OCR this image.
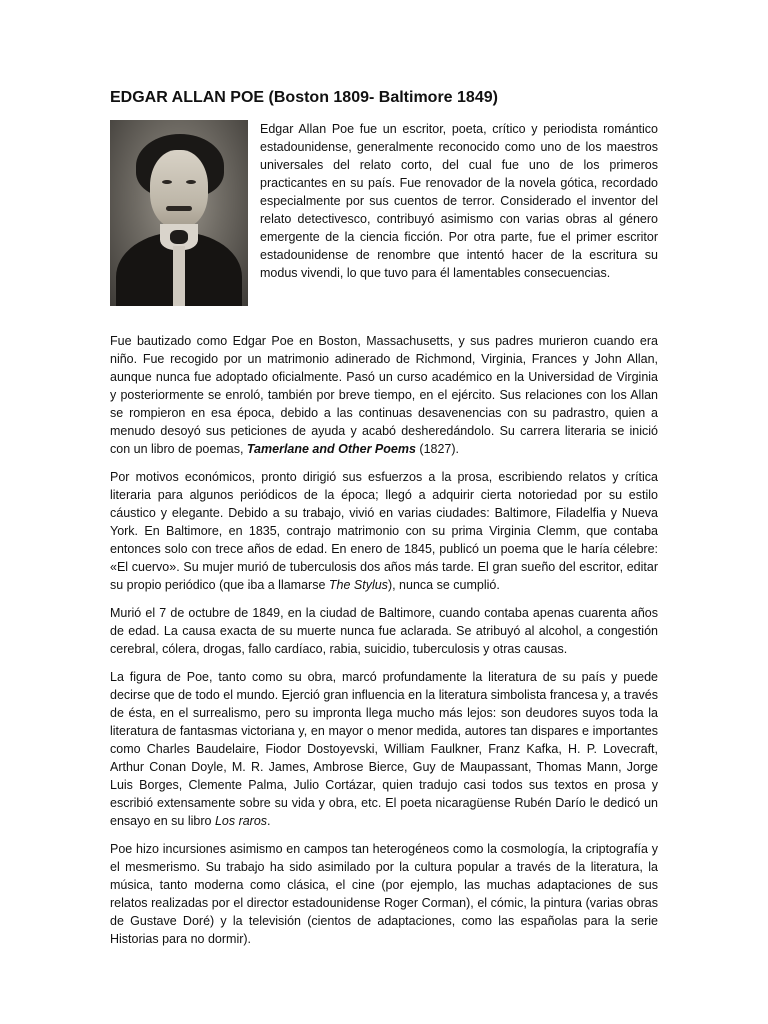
EDGAR ALLAN POE (Boston 1809- Baltimore 1849)

Edgar Allan Poe fue un escritor, poeta, crítico y periodista romántico estadounidense, generalmente reconocido como uno de los maestros universales del relato corto, del cual fue uno de los primeros practicantes en su país. Fue renovador de la novela gótica, recordado especialmente por sus cuentos de terror. Considerado el inventor del relato detectivesco, contribuyó asimismo con varias obras al género emergente de la ciencia ficción. Por otra parte, fue el primer escritor estadounidense de renombre que intentó hacer de la escritura su modus vivendi, lo que tuvo para él lamentables consecuencias.

Fue bautizado como Edgar Poe en Boston, Massachusetts, y sus padres murieron cuando era niño. Fue recogido por un matrimonio adinerado de Richmond, Virginia, Frances y John Allan, aunque nunca fue adoptado oficialmente. Pasó un curso académico en la Universidad de Virginia y posteriormente se enroló, también por breve tiempo, en el ejército. Sus relaciones con los Allan se rompieron en esa época, debido a las continuas desavenencias con su padrastro, quien a menudo desoyó sus peticiones de ayuda y acabó desheredándolo. Su carrera literaria se inició con un libro de poemas, Tamerlane and Other Poems (1827).

Por motivos económicos, pronto dirigió sus esfuerzos a la prosa, escribiendo relatos y crítica literaria para algunos periódicos de la época; llegó a adquirir cierta notoriedad por su estilo cáustico y elegante. Debido a su trabajo, vivió en varias ciudades: Baltimore, Filadelfia y Nueva York. En Baltimore, en 1835, contrajo matrimonio con su prima Virginia Clemm, que contaba entonces solo con trece años de edad. En enero de 1845, publicó un poema que le haría célebre: «El cuervo». Su mujer murió de tuberculosis dos años más tarde. El gran sueño del escritor, editar su propio periódico (que iba a llamarse The Stylus), nunca se cumplió.

Murió el 7 de octubre de 1849, en la ciudad de Baltimore, cuando contaba apenas cuarenta años de edad. La causa exacta de su muerte nunca fue aclarada. Se atribuyó al alcohol, a congestión cerebral, cólera, drogas, fallo cardíaco, rabia, suicidio, tuberculosis y otras causas.

La figura de Poe, tanto como su obra, marcó profundamente la literatura de su país y puede decirse que de todo el mundo. Ejerció gran influencia en la literatura simbolista francesa y, a través de ésta, en el surrealismo, pero su impronta llega mucho más lejos: son deudores suyos toda la literatura de fantasmas victoriana y, en mayor o menor medida, autores tan dispares e importantes como Charles Baudelaire, Fiodor Dostoyevski, William Faulkner, Franz Kafka, H. P. Lovecraft, Arthur Conan Doyle, M. R. James, Ambrose Bierce, Guy de Maupassant, Thomas Mann, Jorge Luis Borges, Clemente Palma, Julio Cortázar, quien tradujo casi todos sus textos en prosa y escribió extensamente sobre su vida y obra, etc. El poeta nicaragüense Rubén Darío le dedicó un ensayo en su libro Los raros.

Poe hizo incursiones asimismo en campos tan heterogéneos como la cosmología, la criptografía y el mesmerismo. Su trabajo ha sido asimilado por la cultura popular a través de la literatura, la música, tanto moderna como clásica, el cine (por ejemplo, las muchas adaptaciones de sus relatos realizadas por el director estadounidense Roger Corman), el cómic, la pintura (varias obras de Gustave Doré) y la televisión (cientos de adaptaciones, como las españolas para la serie Historias para no dormir).
